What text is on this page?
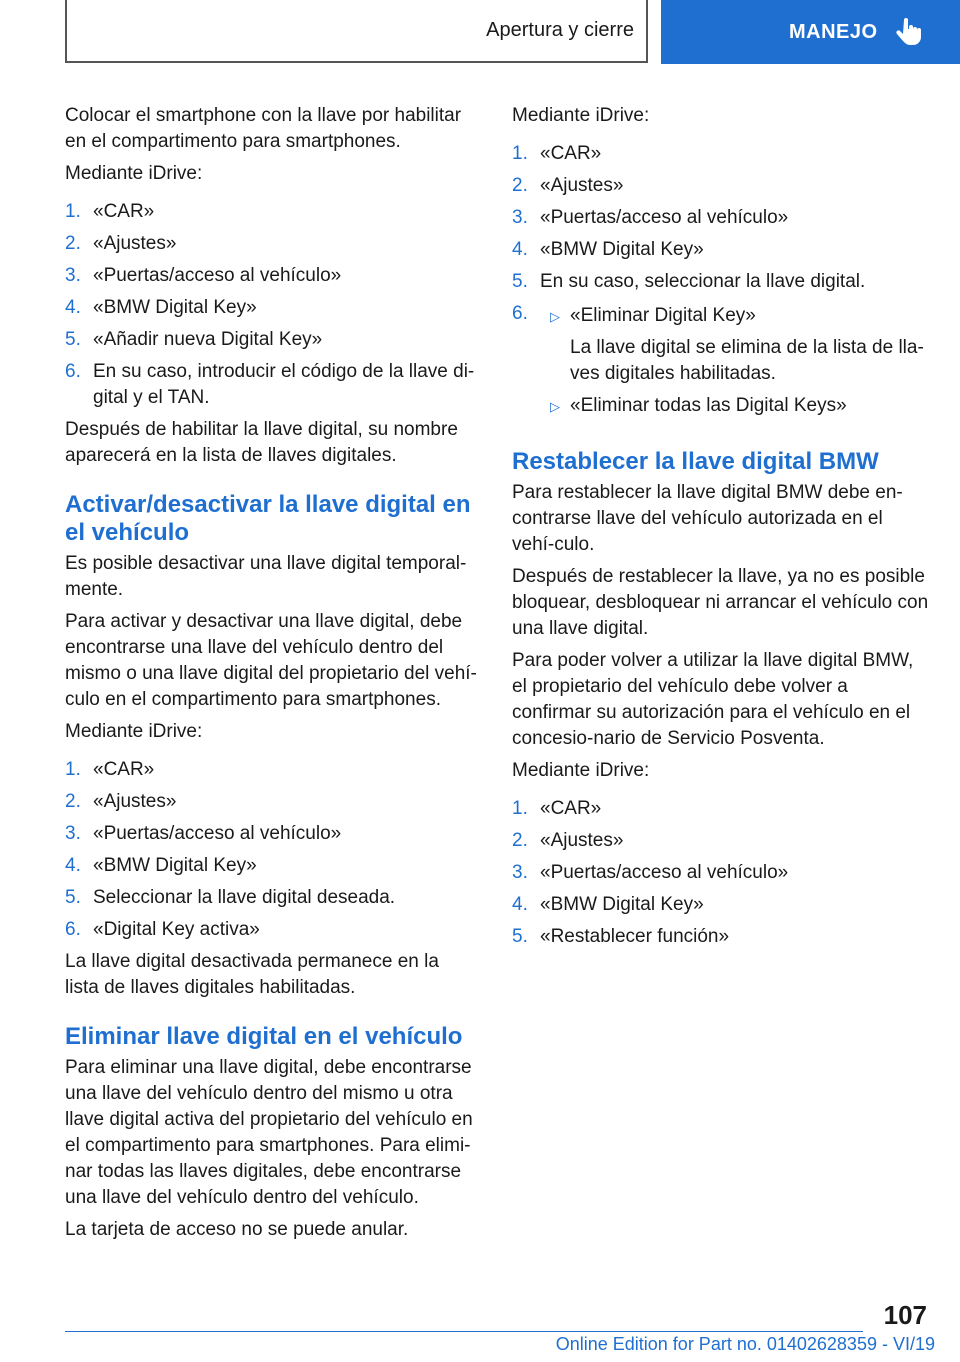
Apertura y cierre	MANEJO

Colocar el smartphone con la llave por habilitar en el compartimento para smartphones.

Mediante iDrive:

1. «CAR»
2. «Ajustes»
3. «Puertas/acceso al vehículo»
4. «BMW Digital Key»
5. «Añadir nueva Digital Key»
6. En su caso, introducir el código de la llave di-gital y el TAN.

Después de habilitar la llave digital, su nombre aparecerá en la lista de llaves digitales.

Activar/desactivar la llave digital en el vehículo

Es posible desactivar una llave digital temporal-mente.

Para activar y desactivar una llave digital, debe encontrarse una llave del vehículo dentro del mismo o una llave digital del propietario del vehí-culo en el compartimento para smartphones.

Mediante iDrive:

1. «CAR»
2. «Ajustes»
3. «Puertas/acceso al vehículo»
4. «BMW Digital Key»
5. Seleccionar la llave digital deseada.
6. «Digital Key activa»

La llave digital desactivada permanece en la lista de llaves digitales habilitadas.

Eliminar llave digital en el vehículo

Para eliminar una llave digital, debe encontrarse una llave del vehículo dentro del mismo u otra llave digital activa del propietario del vehículo en el compartimento para smartphones. Para elimi-nar todas las llaves digitales, debe encontrarse una llave del vehículo dentro del vehículo.

La tarjeta de acceso no se puede anular.

Mediante iDrive:

1. «CAR»
2. «Ajustes»
3. «Puertas/acceso al vehículo»
4. «BMW Digital Key»
5. En su caso, seleccionar la llave digital.
6.	▷ «Eliminar Digital Key»
La llave digital se elimina de la lista de lla-ves digitales habilitadas.
▷ «Eliminar todas las Digital Keys»
Restablecer la llave digital BMW

Para restablecer la llave digital BMW debe en-contrarse llave del vehículo autorizada en el vehí-culo.

Después de restablecer la llave, ya no es posible bloquear, desbloquear ni arrancar el vehículo con una llave digital.

Para poder volver a utilizar la llave digital BMW, el propietario del vehículo debe volver a confirmar su autorización para el vehículo en el concesio-nario de Servicio Posventa.

Mediante iDrive:

1. «CAR»
2. «Ajustes»
3. «Puertas/acceso al vehículo»
4. «BMW Digital Key»
5. «Restablecer función»
107
Online Edition for Part no. 01402628359 - VI/19
